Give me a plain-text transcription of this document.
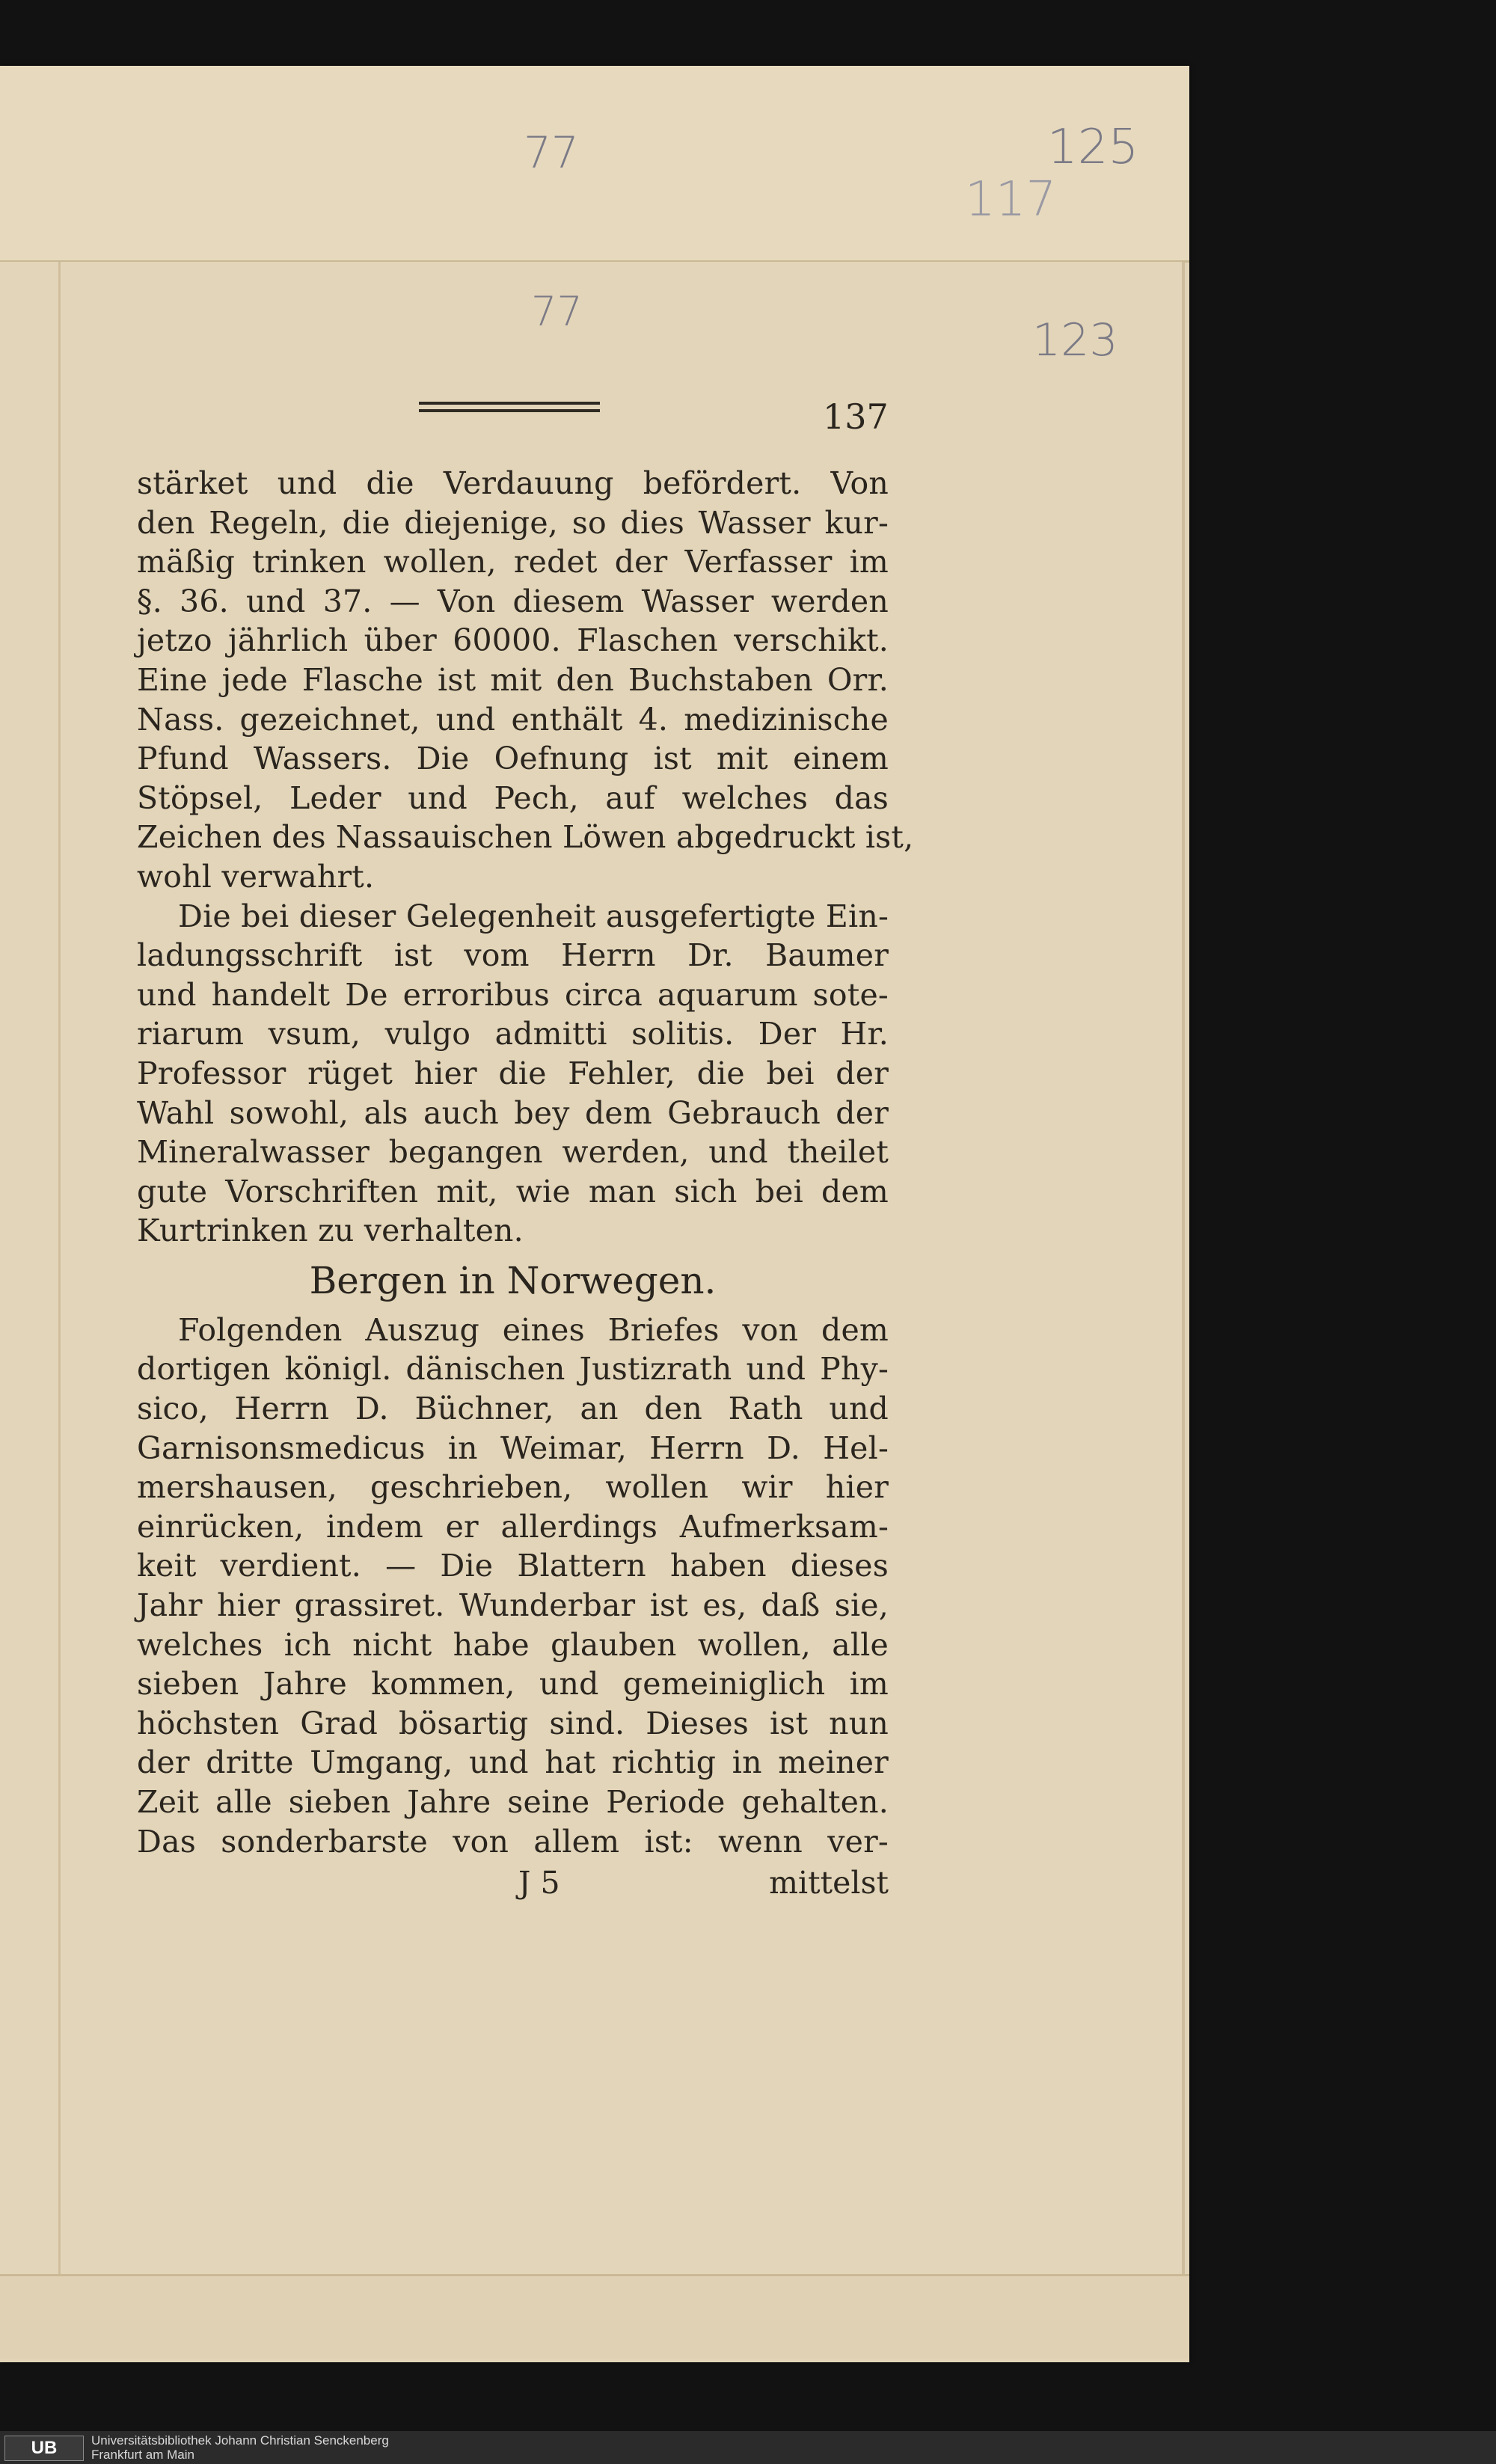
77	125
117
77
123
137
stärket und die Verdauung befördert. Von
den Regeln, die diejenige, so dies Wasser kur-
mäßig trinken wollen, redet der Verfasser im
§. 36. und 37. — Von diesem Wasser werden
jetzo jährlich über 60000. Flaschen verschikt.
Eine jede Flasche ist mit den Buchstaben Orr.
Nass. gezeichnet, und enthält 4. medizinische
Pfund Wassers. Die Oefnung ist mit einem
Stöpsel, Leder und Pech, auf welches das
Zeichen des Nassauischen Löwen abgedruckt ist,
wohl verwahrt.
Die bei dieser Gelegenheit ausgefertigte Ein-
ladungsschrift ist vom Herrn Dr. Baumer
und handelt De erroribus circa aquarum sote-
riarum vsum, vulgo admitti solitis. Der Hr.
Professor rüget hier die Fehler, die bei der
Wahl sowohl, als auch bey dem Gebrauch der
Mineralwasser begangen werden, und theilet
gute Vorschriften mit, wie man sich bei dem
Kurtrinken zu verhalten.
Bergen in Norwegen.
Folgenden Auszug eines Briefes von dem
dortigen königl. dänischen Justizrath und Phy-
sico, Herrn D. Büchner, an den Rath und
Garnisonsmedicus in Weimar, Herrn D. Hel-
mershausen, geschrieben, wollen wir hier
einrücken, indem er allerdings Aufmerksam-
keit verdient. — Die Blattern haben dieses
Jahr hier grassiret. Wunderbar ist es, daß sie,
welches ich nicht habe glauben wollen, alle
sieben Jahre kommen, und gemeiniglich im
höchsten Grad bösartig sind. Dieses ist nun
der dritte Umgang, und hat richtig in meiner
Zeit alle sieben Jahre seine Periode gehalten.
Das sonderbarste von allem ist: wenn ver-
J 5	mittelst
UB	Universitätsbibliothek Johann Christian Senckenberg
Frankfurt am Main
